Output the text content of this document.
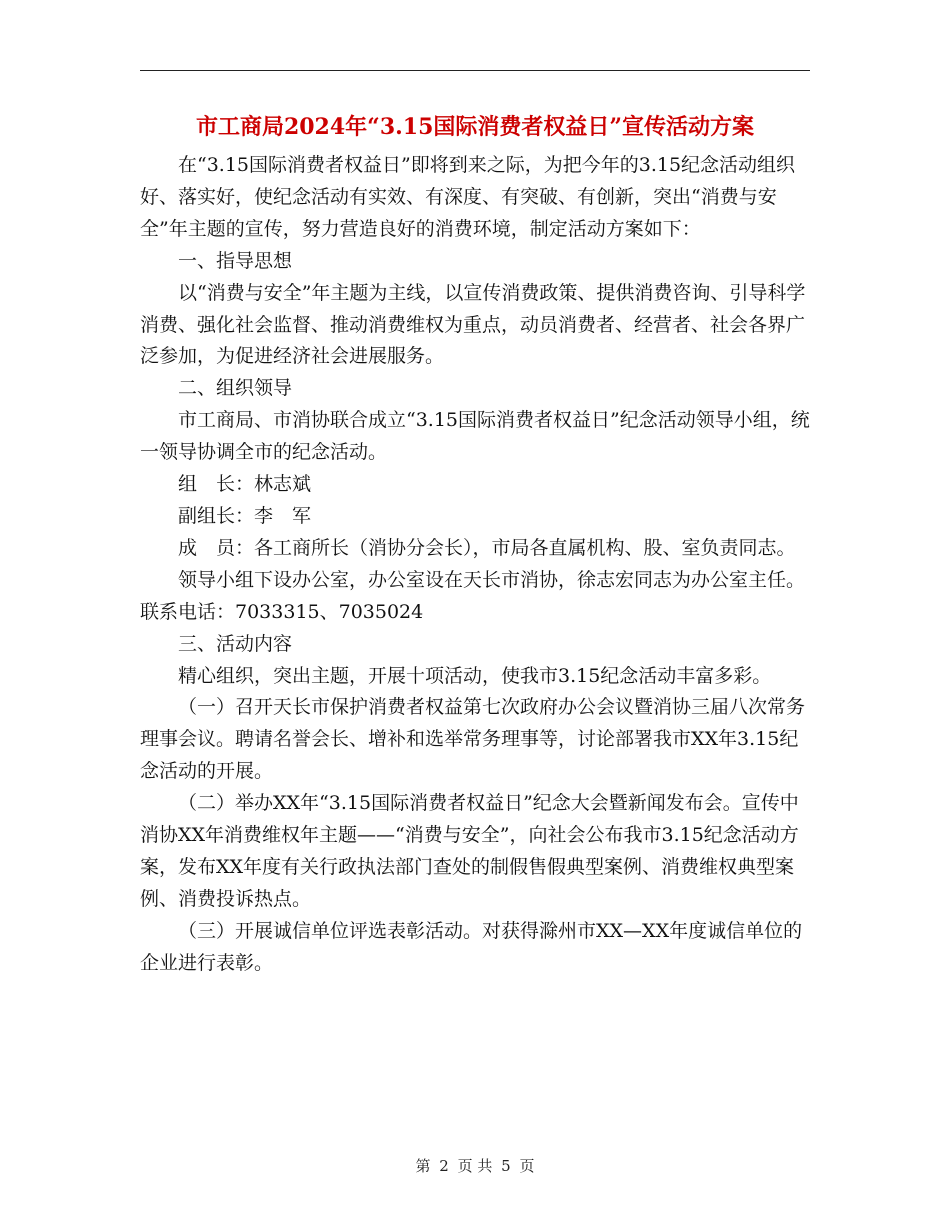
市工商局2024年“3.15国际消费者权益日”宣传活动方案

在“3.15国际消费者权益日”即将到来之际，为把今年的3.15纪念活动组织好、落实好，使纪念活动有实效、有深度、有突破、有创新，突出“消费与安全”年主题的宣传，努力营造良好的消费环境，制定活动方案如下：

一、指导思想

以“消费与安全”年主题为主线，以宣传消费政策、提供消费咨询、引导科学消费、强化社会监督、推动消费维权为重点，动员消费者、经营者、社会各界广泛参加，为促进经济社会进展服务。

二、组织领导

市工商局、市消协联合成立“3.15国际消费者权益日”纪念活动领导小组，统一领导协调全市的纪念活动。

组　长：林志斌

副组长：李　军

成　员：各工商所长（消协分会长），市局各直属机构、股、室负责同志。

领导小组下设办公室，办公室设在天长市消协，徐志宏同志为办公室主任。联系电话：7033315、7035024

三、活动内容

精心组织，突出主题，开展十项活动，使我市3.15纪念活动丰富多彩。

（一）召开天长市保护消费者权益第七次政府办公会议暨消协三届八次常务理事会议。聘请名誉会长、增补和选举常务理事等，讨论部署我市XX年3.15纪念活动的开展。

（二）举办XX年“3.15国际消费者权益日”纪念大会暨新闻发布会。宣传中消协XX年消费维权年主题——“消费与安全”，向社会公布我市3.15纪念活动方案，发布XX年度有关行政执法部门查处的制假售假典型案例、消费维权典型案例、消费投诉热点。

（三）开展诚信单位评选表彰活动。对获得滁州市XX—XX年度诚信单位的企业进行表彰。

第 2 页 共 5 页
